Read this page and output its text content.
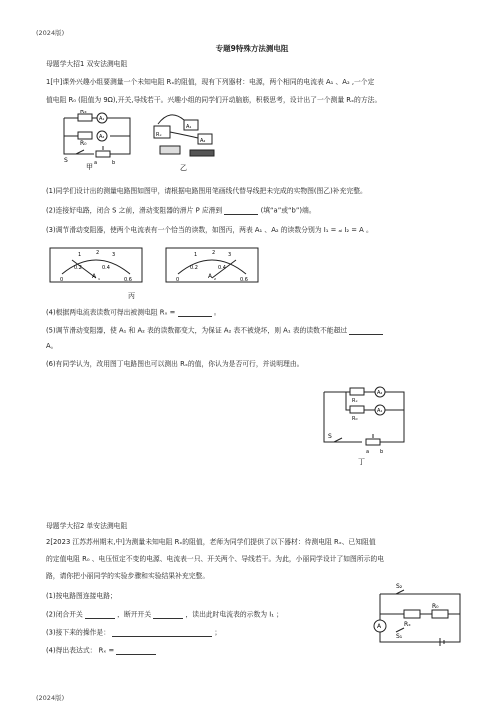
(2024版)
专题9特殊方法测电阻
母题学大招1 双安法测电阻
1[中]课外兴趣小组要测量一个未知电阻 Rₓ的阻值，现有下列器材：电源，两个相同的电流表 A₁ 、A₂ ,一个定
值电阻 R₀ (阻值为 9Ω),开关,导线若干。兴趣小组的同学们开动脑筋，积极思考，设计出了一个测量 Rₓ的方法。
Rₓ
R₀
A₁
A₂
S	a	b
甲
Rₓ
A₁
A₂
乙
(1)同学们设计出的测量电路图如图甲，请根据电路图用笔画线代替导线把未完成的实物图(图乙)补充完整。
(2)连接好电路，闭合 S 之前，滑动变阻器的滑片 P 应滑到	(填“a”或“b”)端。
(3)调节滑动变阻器，使两个电流表有一个恰当的读数，如图丙，两表 A₁ 、A₂ 的读数分别为 I₁ = ₐₗ I₂ = A 。
0
0.2	0.4
0.6
1	2	3
A ₁	0
0.2	0.4
0.6
1	2	3
A ₂
丙
(4)根据两电流表读数可得出被测电阻 Rₓ =	。
(5)调节滑动变阻器，使 A₁ 和 A₂ 表的读数都变大，为保证 A₂ 表不被烧坏，则 A₁ 表的读数不能超过
A。
(6)有同学认为，改用图丁电路图也可以测出 Rₓ的值，你认为是否可行，并说明理由。
Rₓ
R₀
A₂
A₁
S
a b
丁
母题学大招2 单安法测电阻
2[2023 江苏苏州期末,中]为测量未知电阻 Rₓ的阻值，老师为同学们提供了以下器材：待测电阻 Rₓ、已知阻值
的定值电阻 R₀ 、电压恒定不变的电源、电流表一只、开关两个、导线若干。为此，小丽同学设计了如图所示的电
路，请你把小丽同学的实验步骤和实验结果补充完整。
(1)按电路图连接电路；
(2)闭合开关	，断开开关	，读出此时电流表的示数为 I₁ ；
(3)接下来的操作是：	；
(4)得出表达式： Rₓ =
S₂
Rₓ
R₀
S₁
A
(2024版)
